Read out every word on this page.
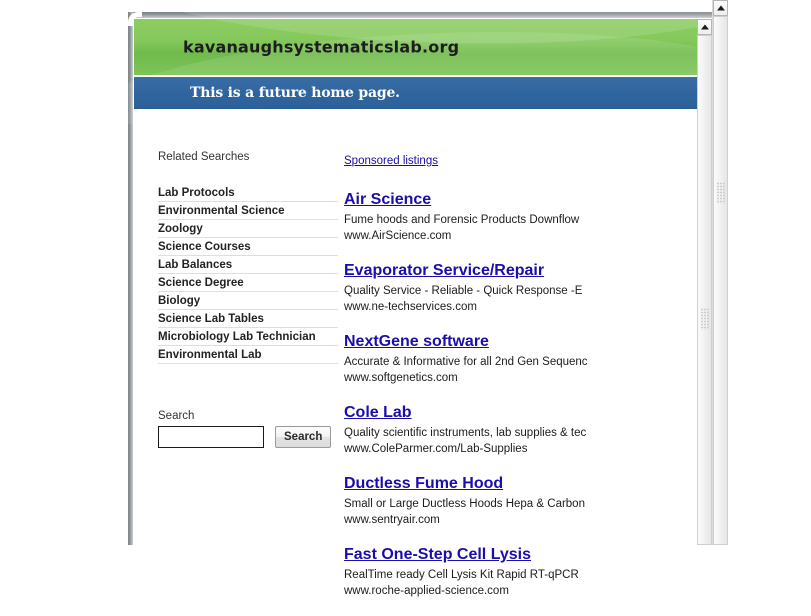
kavanaughsystematicslab.org
This is a future home page.
Related Searches
Lab Protocols
Environmental Science
Zoology
Science Courses
Lab Balances
Science Degree
Biology
Science Lab Tables
Microbiology Lab Technician
Environmental Lab
Search
Search
Sponsored listings
Air Science
Fume hoods and Forensic Products Downflow
www.AirScience.com
Evaporator Service/Repair
Quality Service - Reliable - Quick Response -E
www.ne-techservices.com
NextGene software
Accurate & Informative for all 2nd Gen Sequenc
www.softgenetics.com
Cole Lab
Quality scientific instruments, lab supplies & tec
www.ColeParmer.com/Lab-Supplies
Ductless Fume Hood
Small or Large Ductless Hoods Hepa & Carbon
www.sentryair.com
Fast One-Step Cell Lysis
RealTime ready Cell Lysis Kit Rapid RT-qPCR
www.roche-applied-science.com
